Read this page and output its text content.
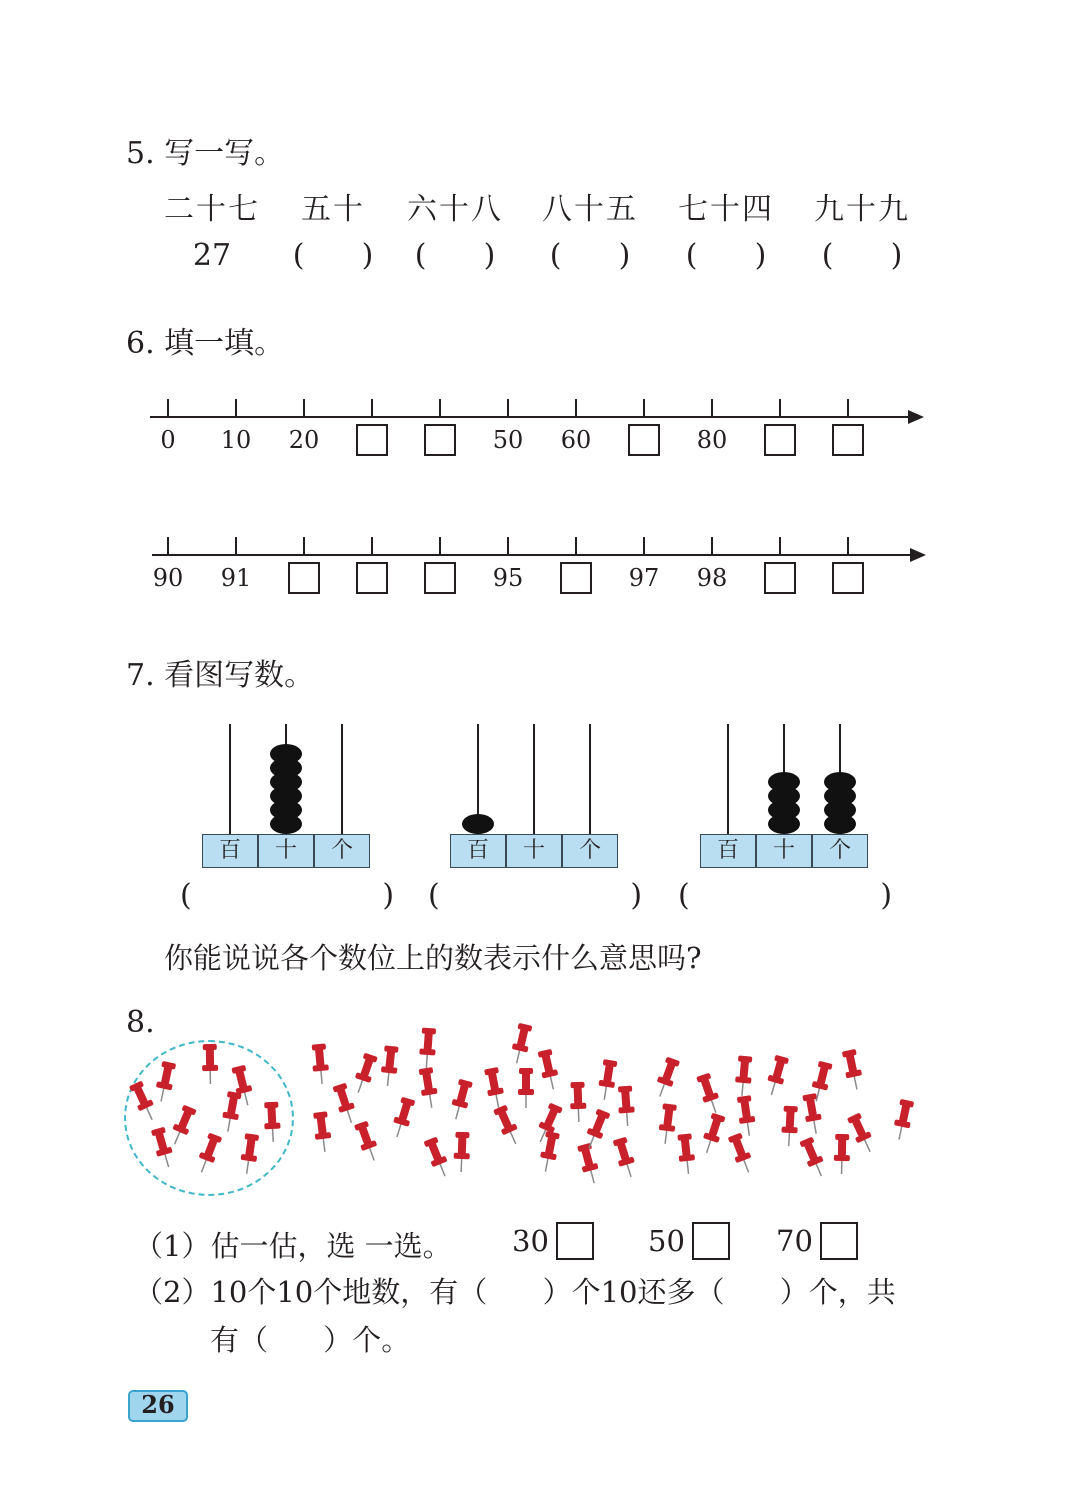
5. 写一写。
二十七	五十	六十八	八十五	七十四	九十九
27	(      )	(      )	(      )	(      )	(      )
6. 填一填。
0	10	20	50	60	80
90	91	95	97	98
7. 看图写数。
百	十	个
(                    )
百	十	个
(                    )
百	十	个
(                    )
你能说说各个数位上的数表示什么意思吗?
8.
（1）估一估，选 一选。 30	50	70
（2）10个10个地数，有（      ）个10还多（      ）个，共
有（      ）个。
26
